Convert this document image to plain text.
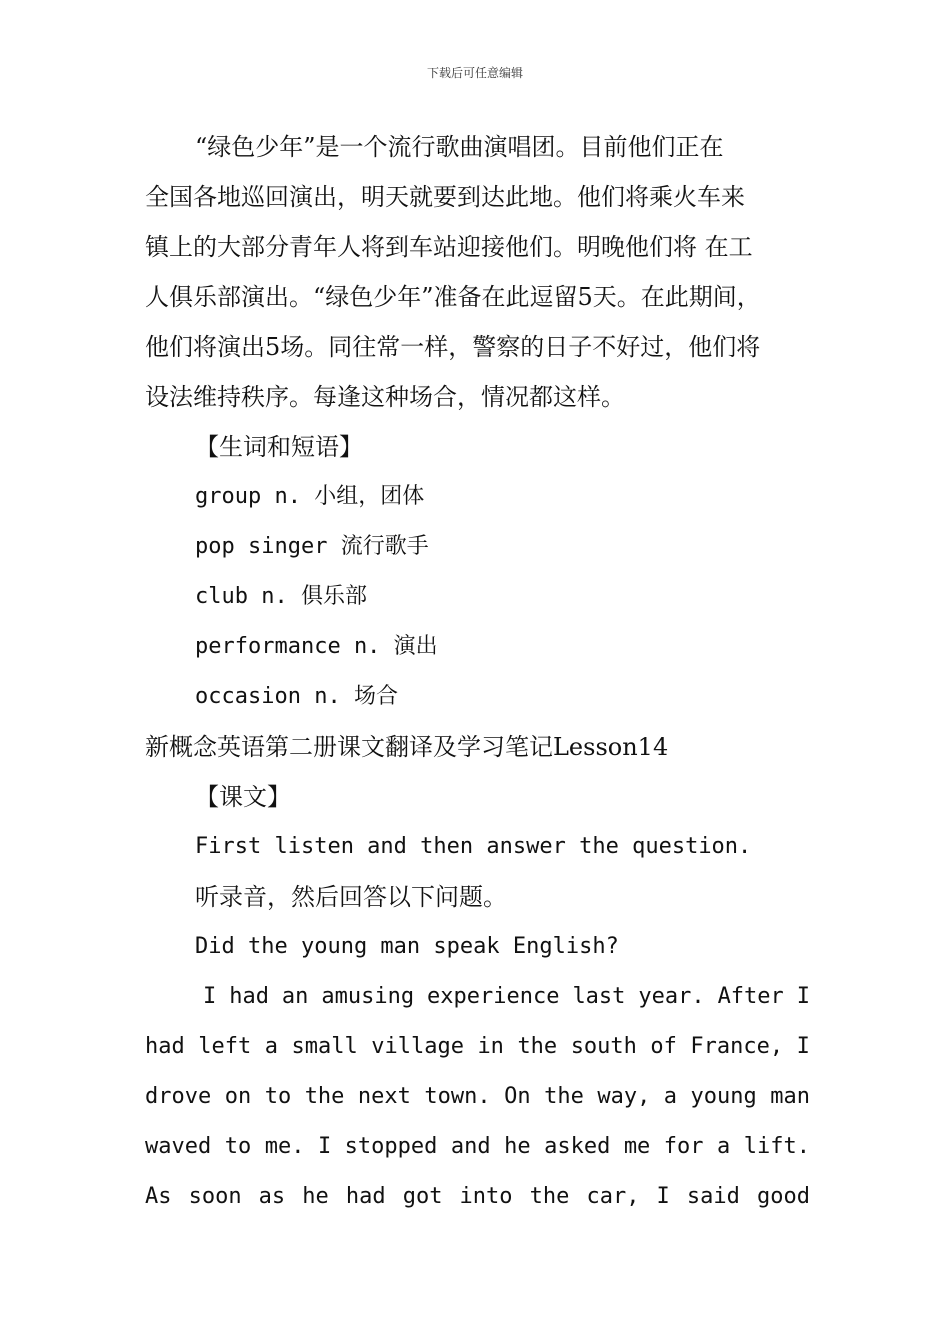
下载后可任意编辑
“绿色少年”是一个流行歌曲演唱团。目前他们正在
全国各地巡回演出，明天就要到达此地。他们将乘火车来
镇上的大部分青年人将到车站迎接他们。明晚他们将 在工
人俱乐部演出。“绿色少年”准备在此逗留5天。在此期间，
他们将演出5场。同往常一样，警察的日子不好过，他们将
设法维持秩序。每逢这种场合，情况都这样。
【生词和短语】
group n. 小组，团体
pop singer 流行歌手
club n. 俱乐部
performance n. 演出
occasion n. 场合
新概念英语第二册课文翻译及学习笔记Lesson14
【课文】
First listen and then answer the question.
听录音，然后回答以下问题。
Did the young man speak English?
I had an amusing experience last year. After I
had left a small village in the south of France, I
drove on to the next town. On the way, a young man
waved to me. I stopped and he asked me for a lift.
As soon as he had got into the car, I said good
